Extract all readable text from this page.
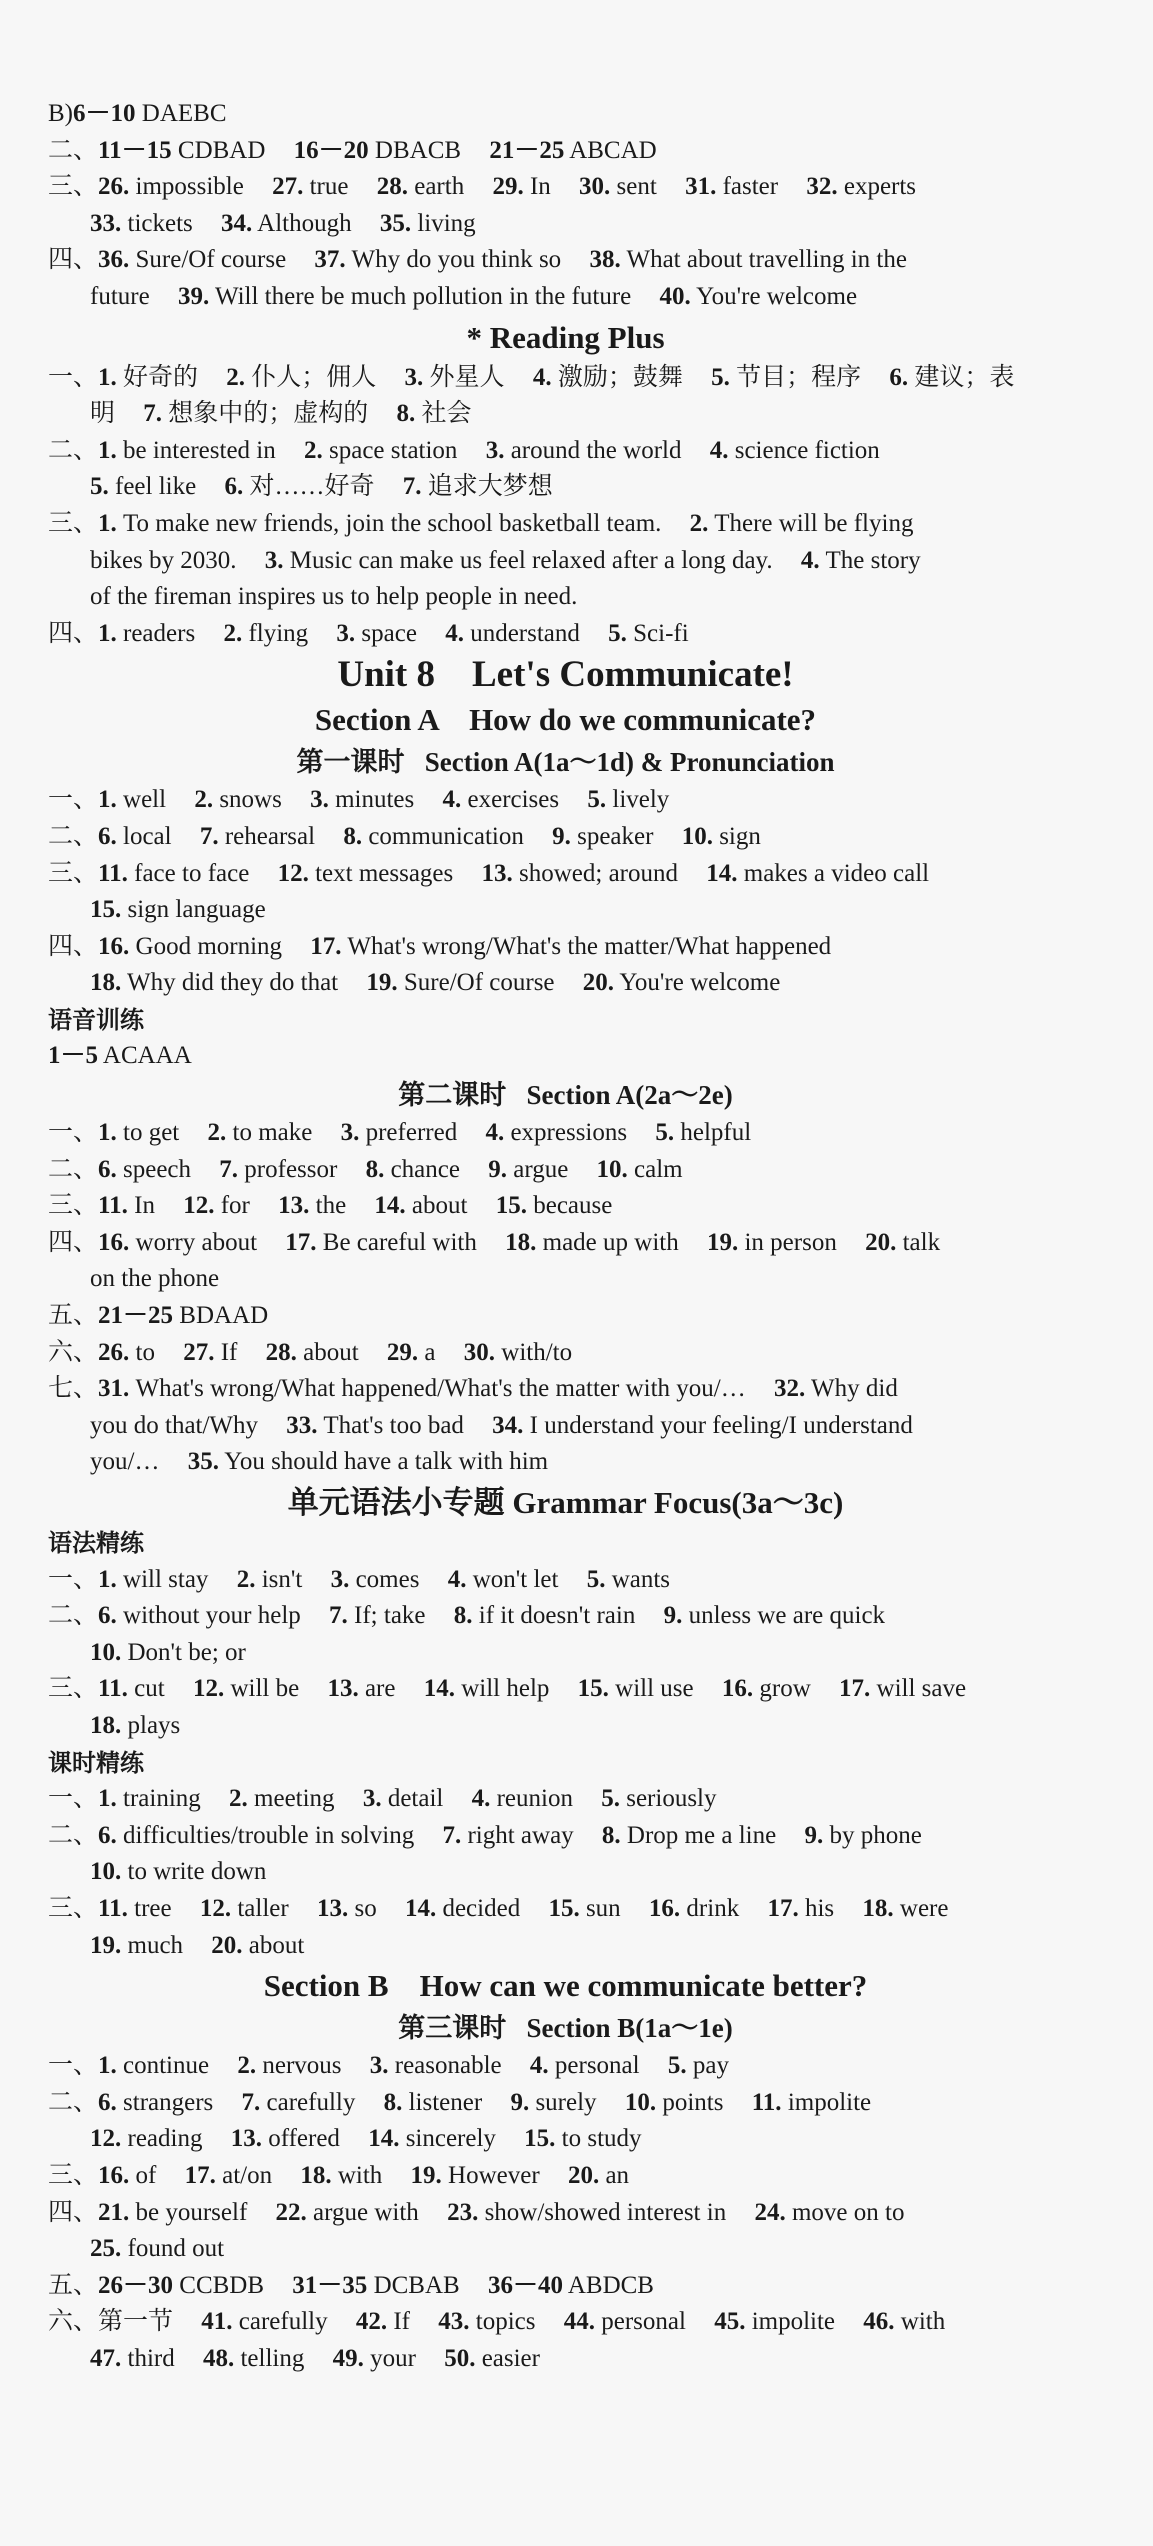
B)6－10 DAEBC
二、11－15 CDBAD 16－20 DBACB 21－25 ABCAD
三、26. impossible 27. true 28. earth 29. In 30. sent 31. faster 32. experts
33. tickets 34. Although 35. living
四、36. Sure/Of course 37. Why do you think so 38. What about travelling in the
future 39. Will there be much pollution in the future 40. You're welcome
* Reading Plus
一、1. 好奇的 2. 仆人；佣人 3. 外星人 4. 激励；鼓舞 5. 节目；程序 6. 建议；表
明 7. 想象中的；虚构的 8. 社会
二、1. be interested in 2. space station 3. around the world 4. science fiction
5. feel like 6. 对……好奇 7. 追求大梦想
三、1. To make new friends, join the school basketball team. 2. There will be flying
bikes by 2030. 3. Music can make us feel relaxed after a long day. 4. The story
of the fireman inspires us to help people in need.
四、1. readers 2. flying 3. space 4. understand 5. Sci-fi
Unit 8    Let's Communicate!
Section A    How do we communicate?
第一课时   Section A(1a～1d) & Pronunciation
一、1. well 2. snows 3. minutes 4. exercises 5. lively
二、6. local 7. rehearsal 8. communication 9. speaker 10. sign
三、11. face to face 12. text messages 13. showed; around 14. makes a video call
15. sign language
四、16. Good morning 17. What's wrong/What's the matter/What happened
18. Why did they do that 19. Sure/Of course 20. You're welcome
语音训练
1－5 ACAAA
第二课时   Section A(2a～2e)
一、1. to get 2. to make 3. preferred 4. expressions 5. helpful
二、6. speech 7. professor 8. chance 9. argue 10. calm
三、11. In 12. for 13. the 14. about 15. because
四、16. worry about 17. Be careful with 18. made up with 19. in person 20. talk
on the phone
五、21－25 BDAAD
六、26. to 27. If 28. about 29. a 30. with/to
七、31. What's wrong/What happened/What's the matter with you/… 32. Why did
you do that/Why 33. That's too bad 34. I understand your feeling/I understand
you/… 35. You should have a talk with him
单元语法小专题 Grammar Focus(3a～3c)
语法精练
一、1. will stay 2. isn't 3. comes 4. won't let 5. wants
二、6. without your help 7. If; take 8. if it doesn't rain 9. unless we are quick
10. Don't be; or
三、11. cut 12. will be 13. are 14. will help 15. will use 16. grow 17. will save
18. plays
课时精练
一、1. training 2. meeting 3. detail 4. reunion 5. seriously
二、6. difficulties/trouble in solving 7. right away 8. Drop me a line 9. by phone
10. to write down
三、11. tree 12. taller 13. so 14. decided 15. sun 16. drink 17. his 18. were
19. much 20. about
Section B    How can we communicate better?
第三课时   Section B(1a～1e)
一、1. continue 2. nervous 3. reasonable 4. personal 5. pay
二、6. strangers 7. carefully 8. listener 9. surely 10. points 11. impolite
12. reading 13. offered 14. sincerely 15. to study
三、16. of 17. at/on 18. with 19. However 20. an
四、21. be yourself 22. argue with 23. show/showed interest in 24. move on to
25. found out
五、26－30 CCBDB 31－35 DCBAB 36－40 ABDCB
六、第一节 41. carefully 42. If 43. topics 44. personal 45. impolite 46. with
47. third 48. telling 49. your 50. easier
